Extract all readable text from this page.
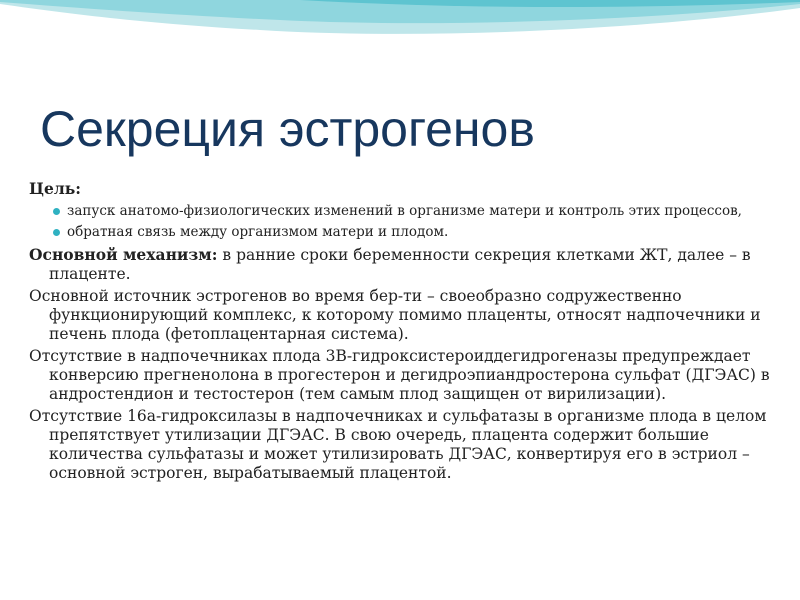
Секреция эстрогенов

Цель:

запуск анатомо-физиологических изменений в организме матери и контроль этих процессов,
обратная связь между организмом матери и плодом.

Основной механизм: в ранние сроки беременности секреция клетками ЖТ, далее – в плаценте.

Основной источник эстрогенов во время бер-ти – своеобразно содружественно функционирующий комплекс, к которому помимо плаценты, относят надпочечники и печень плода (фетоплацентарная система).

Отсутствие в надпочечниках плода 3В-гидроксистероиддегидрогеназы предупреждает конверсию прегненолона в прогестерон и дегидроэпиандростерона сульфат (ДГЭАС) в андростендион и тестостерон (тем самым плод защищен от вирилизации).

Отсутствие 16а-гидроксилазы в надпочечниках и сульфатазы в организме плода в целом препятствует утилизации ДГЭАС. В свою очередь, плацента содержит большие количества сульфатазы и может утилизировать ДГЭАС, конвертируя его в эстриол – основной эстроген, вырабатываемый плацентой.
